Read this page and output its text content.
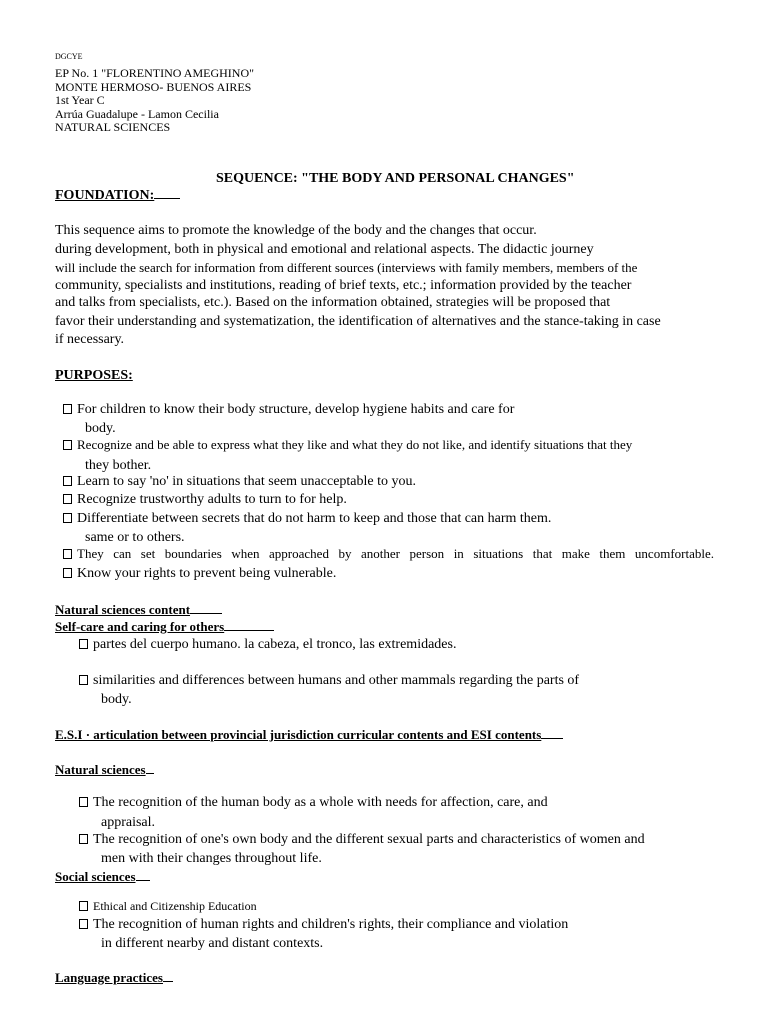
DGCYE
EP No. 1 "FLORENTINO AMEGHINO"
MONTE HERMOSO- BUENOS AIRES
1st Year C
Arrúa Guadalupe - Lamon Cecilia
NATURAL SCIENCES
SEQUENCE: "THE BODY AND PERSONAL CHANGES"
FOUNDATION:
This sequence aims to promote the knowledge of the body and the changes that occur.
during development, both in physical and emotional and relational aspects. The didactic journey
will include the search for information from different sources (interviews with family members, members of the
community, specialists and institutions, reading of brief texts, etc.; information provided by the teacher
and talks from specialists, etc.). Based on the information obtained, strategies will be proposed that
favor their understanding and systematization, the identification of alternatives and the stance-taking in case
if necessary.
PURPOSES:
For children to know their body structure, develop hygiene habits and care for
body.
Recognize and be able to express what they like and what they do not like, and identify situations that they
they bother.
Learn to say 'no' in situations that seem unacceptable to you.
Recognize trustworthy adults to turn to for help.
Differentiate between secrets that do not harm to keep and those that can harm them.
same or to others.
They can set boundaries when approached by another person in situations that make them uncomfortable.
Know your rights to prevent being vulnerable.
Natural sciences content
Self-care and caring for others
partes del cuerpo humano. la cabeza, el tronco, las extremidades.
similarities and differences between humans and other mammals regarding the parts of
body.
E.S.I · articulation between provincial jurisdiction curricular contents and ESI contents
Natural sciences
The recognition of the human body as a whole with needs for affection, care, and
appraisal.
The recognition of one's own body and the different sexual parts and characteristics of women and
men with their changes throughout life.
Social sciences
Ethical and Citizenship Education
The recognition of human rights and children's rights, their compliance and violation
in different nearby and distant contexts.
Language practices
